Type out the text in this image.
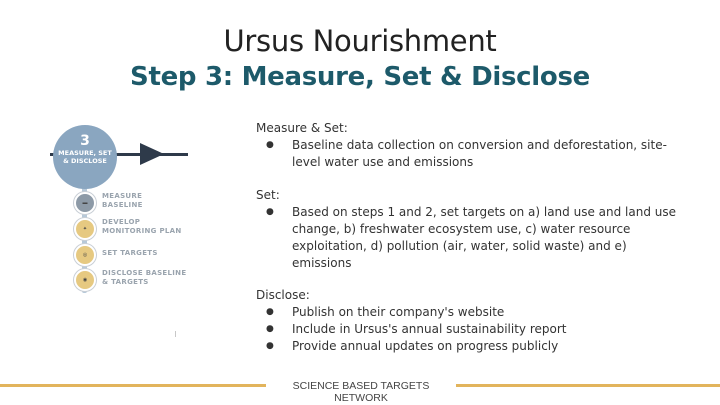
Ursus Nourishment
Step 3: Measure, Set & Disclose
3
MEASURE, SET
& DISCLOSE
▬
MEASURE
BASELINE
✦
DEVELOP
MONITORING PLAN
◎	SET TARGETS
◉
DISCLOSE BASELINE
& TARGETS
Measure & Set:
● Baseline data collection on conversion and deforestation, site-level water use and emissions
Set:
● Based on steps 1 and 2, set targets on a) land use and land use change, b) freshwater ecosystem use, c) water resource exploitation, d) pollution (air, water, solid waste) and e) emissions
Disclose:
● Publish on their company's website
● Include in Ursus's annual sustainability report
● Provide annual updates on progress publicly
SCIENCE BASED TARGETS NETWORK
